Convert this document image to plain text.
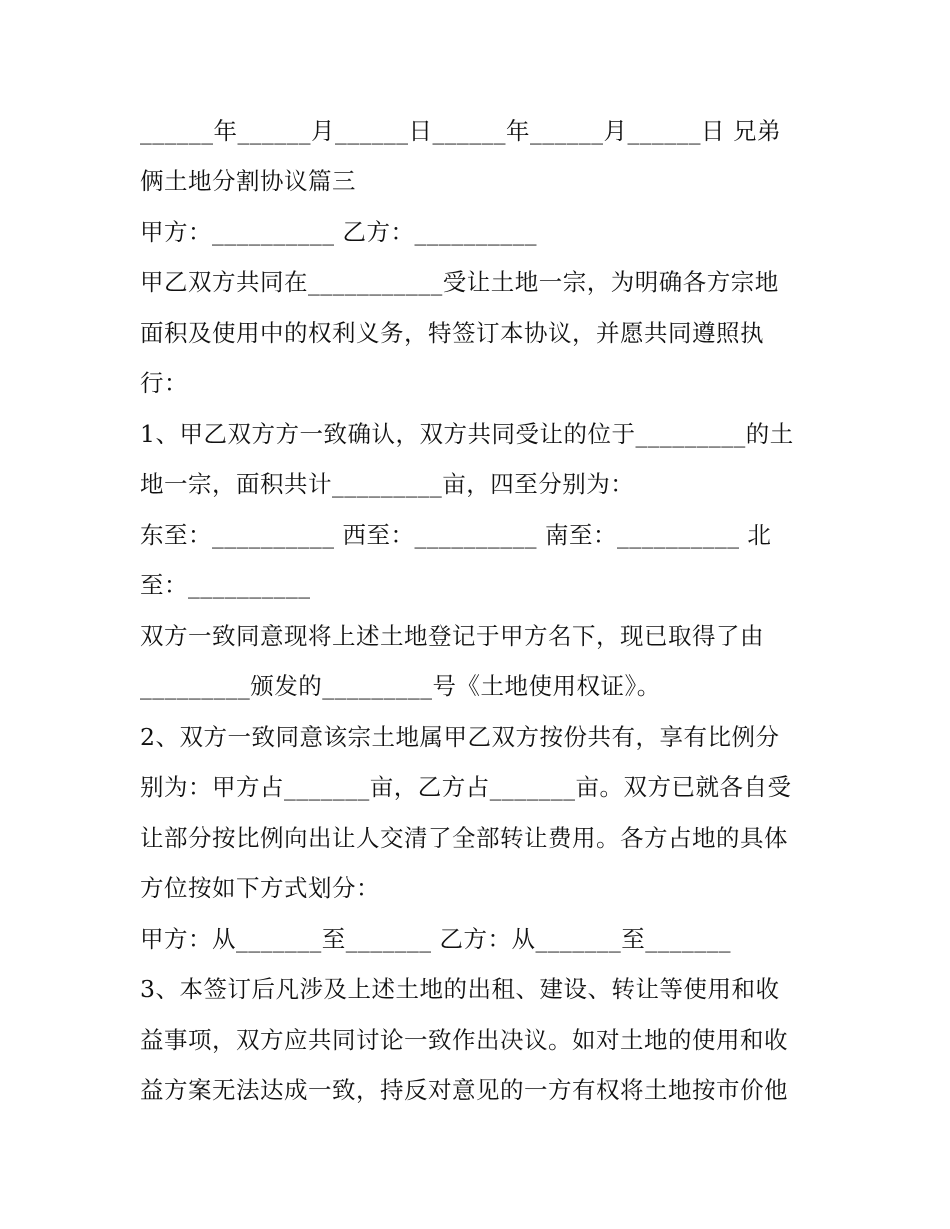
______年______月______日______年______月______日 兄弟
俩土地分割协议篇三
甲方：__________ 乙方：__________
甲乙双方共同在___________受让土地一宗，为明确各方宗地
面积及使用中的权利义务，特签订本协议，并愿共同遵照执
行：
1、甲乙双方方一致确认，双方共同受让的位于_________的土
地一宗，面积共计_________亩，四至分别为：
东至：__________ 西至：__________ 南至：__________ 北
至：__________
双方一致同意现将上述土地登记于甲方名下，现已取得了由
_________颁发的_________号《土地使用权证》。
2、双方一致同意该宗土地属甲乙双方按份共有，享有比例分
别为：甲方占_______亩，乙方占_______亩。双方已就各自受
让部分按比例向出让人交清了全部转让费用。各方占地的具体
方位按如下方式划分：
甲方：从_______至_______ 乙方：从_______至_______
3、本签订后凡涉及上述土地的出租、建设、转让等使用和收
益事项，双方应共同讨论一致作出决议。如对土地的使用和收
益方案无法达成一致，持反对意见的一方有权将土地按市价他
